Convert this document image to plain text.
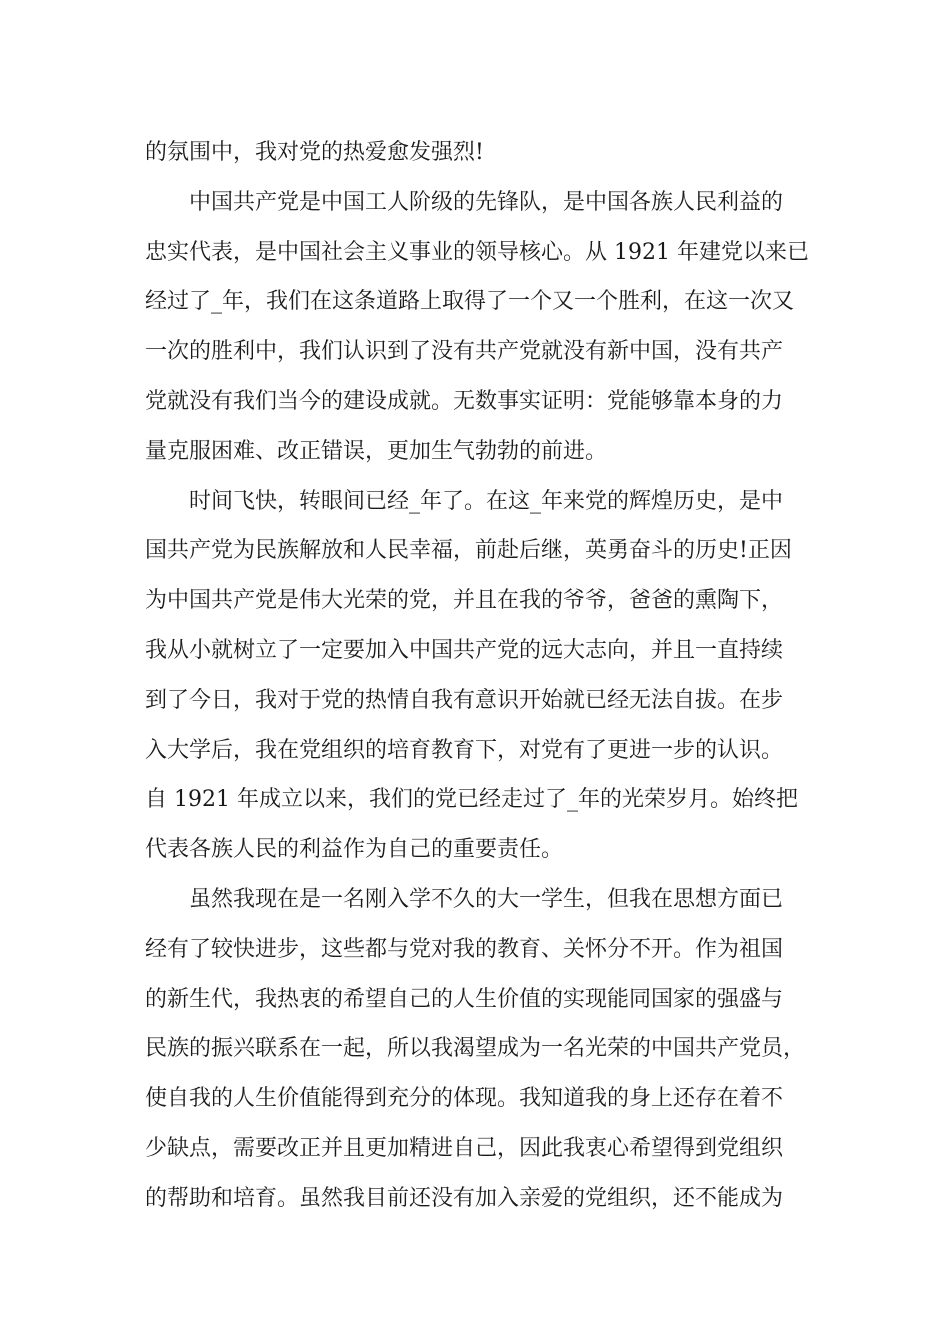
的氛围中，我对党的热爱愈发强烈!
中国共产党是中国工人阶级的先锋队，是中国各族人民利益的
忠实代表，是中国社会主义事业的领导核心。从 1921 年建党以来已
经过了_年，我们在这条道路上取得了一个又一个胜利，在这一次又
一次的胜利中，我们认识到了没有共产党就没有新中国，没有共产
党就没有我们当今的建设成就。无数事实证明：党能够靠本身的力
量克服困难、改正错误，更加生气勃勃的前进。
时间飞快，转眼间已经_年了。在这_年来党的辉煌历史，是中
国共产党为民族解放和人民幸福，前赴后继，英勇奋斗的历史!正因
为中国共产党是伟大光荣的党，并且在我的爷爷，爸爸的熏陶下，
我从小就树立了一定要加入中国共产党的远大志向，并且一直持续
到了今日，我对于党的热情自我有意识开始就已经无法自拔。在步
入大学后，我在党组织的培育教育下，对党有了更进一步的认识。
自 1921 年成立以来，我们的党已经走过了_年的光荣岁月。始终把
代表各族人民的利益作为自己的重要责任。
虽然我现在是一名刚入学不久的大一学生，但我在思想方面已
经有了较快进步，这些都与党对我的教育、关怀分不开。作为祖国
的新生代，我热衷的希望自己的人生价值的实现能同国家的强盛与
民族的振兴联系在一起，所以我渴望成为一名光荣的中国共产党员，
使自我的人生价值能得到充分的体现。我知道我的身上还存在着不
少缺点，需要改正并且更加精进自己，因此我衷心希望得到党组织
的帮助和培育。虽然我目前还没有加入亲爱的党组织，还不能成为
